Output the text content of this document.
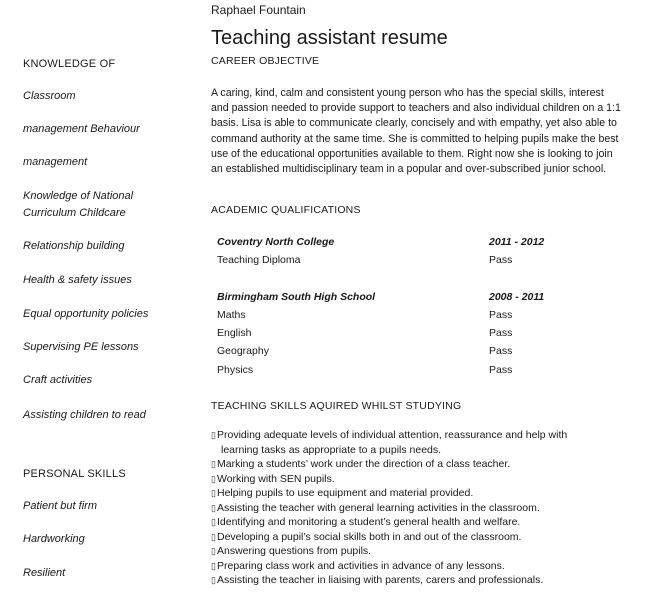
Raphael Fountain
Teaching assistant resume
KNOWLEDGE OF
Classroom
management Behaviour
management
Knowledge of National
Curriculum Childcare
Relationship building
Health & safety issues
Equal opportunity policies
Supervising PE lessons
Craft activities
Assisting children to read
PERSONAL SKILLS
Patient but firm
Hardworking
Resilient
CAREER OBJECTIVE
A caring, kind, calm and consistent young person who has the special skills, interest and passion needed to provide support to teachers and also individual children on a 1:1 basis. Lisa is able to communicate clearly, concisely and with empathy, yet also able to command authority at the same time. She is committed to helping pupils make the best use of the educational opportunities available to them. Right now she is looking to join an established multidisciplinary team in a popular and over-subscribed junior school.
ACADEMIC QUALIFICATIONS
Coventry North College	2011 - 2012
Teaching Diploma	Pass
Birmingham South High School	2008 - 2011
Maths	Pass
English	Pass
Geography	Pass
Physics	Pass
TEACHING SKILLS AQUIRED WHILST STUDYING
▯ Providing adequate levels of individual attention, reassurance and help with
learning tasks as appropriate to a pupils needs.
▯ Marking a students’ work under the direction of a class teacher.
▯ Working with SEN pupils.
▯ Helping pupils to use equipment and material provided.
▯ Assisting the teacher with general learning activities in the classroom.
▯ Identifying and monitoring a student’s general health and welfare.
▯ Developing a pupil’s social skills both in and out of the classroom.
▯ Answering questions from pupils.
▯ Preparing class work and activities in advance of any lessons.
▯ Assisting the teacher in liaising with parents, carers and professionals.
